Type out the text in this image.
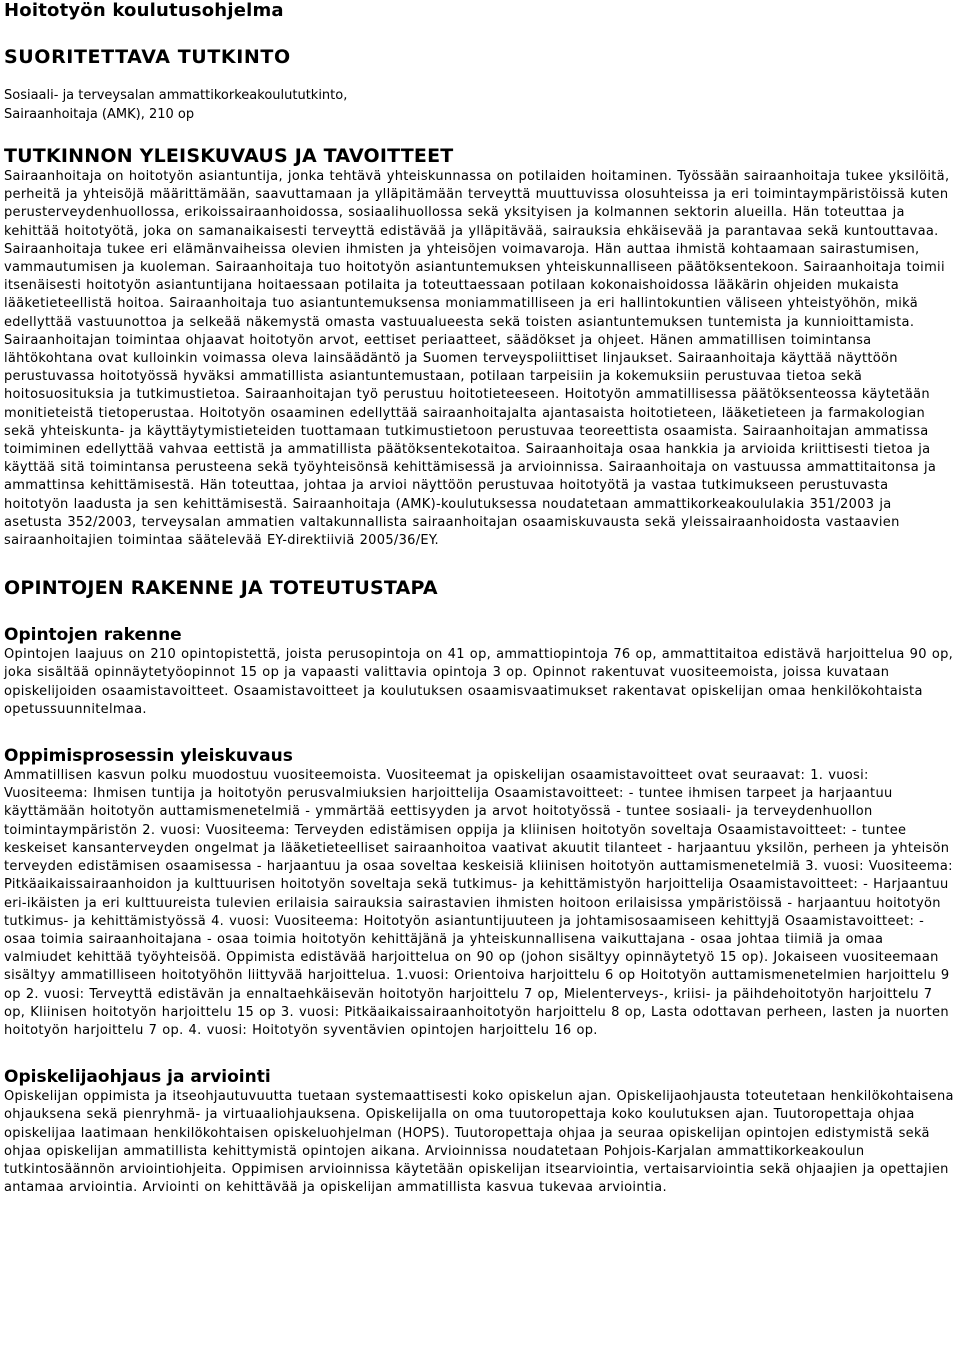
Hoitotyön koulutusohjelma
SUORITETTAVA TUTKINTO

Sosiaali- ja terveysalan ammattikorkeakoulututkinto,

Sairaanhoitaja (AMK), 210 op

TUTKINNON YLEISKUVAUS JA TAVOITTEET

Sairaanhoitaja on hoitotyön asiantuntija, jonka tehtävä yhteiskunnassa on potilaiden hoitaminen. Työssään sairaanhoitaja tukee yksilöitä, perheitä ja yhteisöjä määrittämään, saavuttamaan ja ylläpitämään terveyttä muuttuvissa olosuhteissa ja eri toimintaympäristöissä kuten perusterveydenhuollossa, erikoissairaanhoidossa, sosiaalihuollossa sekä yksityisen ja kolmannen sektorin alueilla. Hän toteuttaa ja kehittää hoitotyötä, joka on samanaikaisesti terveyttä edistävää ja ylläpitävää, sairauksia ehkäisevää ja parantavaa sekä kuntouttavaa. Sairaanhoitaja tukee eri elämänvaiheissa olevien ihmisten ja yhteisöjen voimavaroja. Hän auttaa ihmistä kohtaamaan sairastumisen, vammautumisen ja kuoleman. Sairaanhoitaja tuo hoitotyön asiantuntemuksen yhteiskunnalliseen päätöksentekoon. Sairaanhoitaja toimii itsenäisesti hoitotyön asiantuntijana hoitaessaan potilaita ja toteuttaessaan potilaan kokonaishoidossa lääkärin ohjeiden mukaista lääketieteellistä hoitoa. Sairaanhoitaja tuo asiantuntemuksensa moniammatilliseen ja eri hallintokuntien väliseen yhteistyöhön, mikä edellyttää vastuunottoa ja selkeää näkemystä omasta vastuualueesta sekä toisten asiantuntemuksen tuntemista ja kunnioittamista. Sairaanhoitajan toimintaa ohjaavat hoitotyön arvot, eettiset periaatteet, säädökset ja ohjeet. Hänen ammatillisen toimintansa lähtökohtana ovat kulloinkin voimassa oleva lainsäädäntö ja Suomen terveyspoliittiset linjaukset. Sairaanhoitaja käyttää näyttöön perustuvassa hoitotyössä hyväksi ammatillista asiantuntemustaan, potilaan tarpeisiin ja kokemuksiin perustuvaa tietoa sekä hoitosuosituksia ja tutkimustietoa. Sairaanhoitajan työ perustuu hoitotieteeseen. Hoitotyön ammatillisessa päätöksenteossa käytetään monitieteistä tietoperustaa. Hoitotyön osaaminen edellyttää sairaanhoitajalta ajantasaista hoitotieteen, lääketieteen ja farmakologian sekä yhteiskunta- ja käyttäytymistieteiden tuottamaan tutkimustietoon perustuvaa teoreettista osaamista. Sairaanhoitajan ammatissa toimiminen edellyttää vahvaa eettistä ja ammatillista päätöksentekotaitoa. Sairaanhoitaja osaa hankkia ja arvioida kriittisesti tietoa ja käyttää sitä toimintansa perusteena sekä työyhteisönsä kehittämisessä ja arvioinnissa. Sairaanhoitaja on vastuussa ammattitaitonsa ja ammattinsa kehittämisestä. Hän toteuttaa, johtaa ja arvioi näyttöön perustuvaa hoitotyötä ja vastaa tutkimukseen perustuvasta hoitotyön laadusta ja sen kehittämisestä. Sairaanhoitaja (AMK)-koulutuksessa noudatetaan ammattikorkeakoululakia 351/2003 ja asetusta 352/2003, terveysalan ammatien valtakunnallista sairaanhoitajan osaamiskuvausta sekä yleissairaanhoidosta vastaavien sairaanhoitajien toimintaa säätelevää EY-direktiiviä 2005/36/EY.

OPINTOJEN RAKENNE JA TOTEUTUSTAPA
Opintojen rakenne

Opintojen laajuus on 210 opintopistettä, joista perusopintoja on 41 op, ammattiopintoja 76 op, ammattitaitoa edistävä harjoittelua 90 op, joka sisältää opinnäytetyöopinnot 15 op ja vapaasti valittavia opintoja 3 op. Opinnot rakentuvat vuositeemoista, joissa kuvataan opiskelijoiden osaamistavoitteet. Osaamistavoitteet ja koulutuksen osaamisvaatimukset rakentavat opiskelijan omaa henkilökohtaista opetussuunnitelmaa.

Oppimisprosessin yleiskuvaus

Ammatillisen kasvun polku muodostuu vuositeemoista. Vuositeemat ja opiskelijan osaamistavoitteet ovat seuraavat: 1. vuosi: Vuositeema: Ihmisen tuntija ja hoitotyön perusvalmiuksien harjoittelija Osaamistavoitteet: - tuntee ihmisen tarpeet ja harjaantuu käyttämään hoitotyön auttamismenetelmiä - ymmärtää eettisyyden ja arvot hoitotyössä - tuntee sosiaali- ja terveydenhuollon toimintaympäristön 2. vuosi: Vuositeema: Terveyden edistämisen oppija ja kliinisen hoitotyön soveltaja Osaamistavoitteet: - tuntee keskeiset kansanterveyden ongelmat ja lääketieteelliset sairaanhoitoa vaativat akuutit tilanteet - harjaantuu yksilön, perheen ja yhteisön terveyden edistämisen osaamisessa - harjaantuu ja osaa soveltaa keskeisiä kliinisen hoitotyön auttamismenetelmiä 3. vuosi: Vuositeema: Pitkäaikaissairaanhoidon ja kulttuurisen hoitotyön soveltaja sekä tutkimus- ja kehittämistyön harjoittelija Osaamistavoitteet: - Harjaantuu eri-ikäisten ja eri kulttuureista tulevien erilaisia sairauksia sairastavien ihmisten hoitoon erilaisissa ympäristöissä - harjaantuu hoitotyön tutkimus- ja kehittämistyössä 4. vuosi: Vuositeema: Hoitotyön asiantuntijuuteen ja johtamisosaamiseen kehittyjä Osaamistavoitteet: - osaa toimia sairaanhoitajana - osaa toimia hoitotyön kehittäjänä ja yhteiskunnallisena vaikuttajana - osaa johtaa tiimiä ja omaa valmiudet kehittää työyhteisöä. Oppimista edistävää harjoittelua on 90 op (johon sisältyy opinnäytetyö 15 op). Jokaiseen vuositeemaan sisältyy ammatilliseen hoitotyöhön liittyvää harjoittelua. 1.vuosi: Orientoiva harjoittelu 6 op Hoitotyön auttamismenetelmien harjoittelu 9 op 2. vuosi: Terveyttä edistävän ja ennaltaehkäisevän hoitotyön harjoittelu 7 op, Mielenterveys-, kriisi- ja päihdehoitotyön harjoittelu 7 op, Kliinisen hoitotyön harjoittelu 15 op 3. vuosi: Pitkäaikaissairaanhoitotyön harjoittelu 8 op, Lasta odottavan perheen, lasten ja nuorten hoitotyön harjoittelu 7 op. 4. vuosi: Hoitotyön syventävien opintojen harjoittelu 16 op.

Opiskelijaohjaus ja arviointi

Opiskelijan oppimista ja itseohjautuvuutta tuetaan systemaattisesti koko opiskelun ajan. Opiskelijaohjausta toteutetaan henkilökohtaisena ohjauksena sekä pienryhmä- ja virtuaaliohjauksena. Opiskelijalla on oma tuutoropettaja koko koulutuksen ajan. Tuutoropettaja ohjaa opiskelijaa laatimaan henkilökohtaisen opiskeluohjelman (HOPS). Tuutoropettaja ohjaa ja seuraa opiskelijan opintojen edistymistä sekä ohjaa opiskelijan ammatillista kehittymistä opintojen aikana. Arvioinnissa noudatetaan Pohjois-Karjalan ammattikorkeakoulun tutkintosäännön arviointiohjeita. Oppimisen arvioinnissa käytetään opiskelijan itsearviointia, vertaisarviointia sekä ohjaajien ja opettajien antamaa arviointia. Arviointi on kehittävää ja opiskelijan ammatillista kasvua tukevaa arviointia.
